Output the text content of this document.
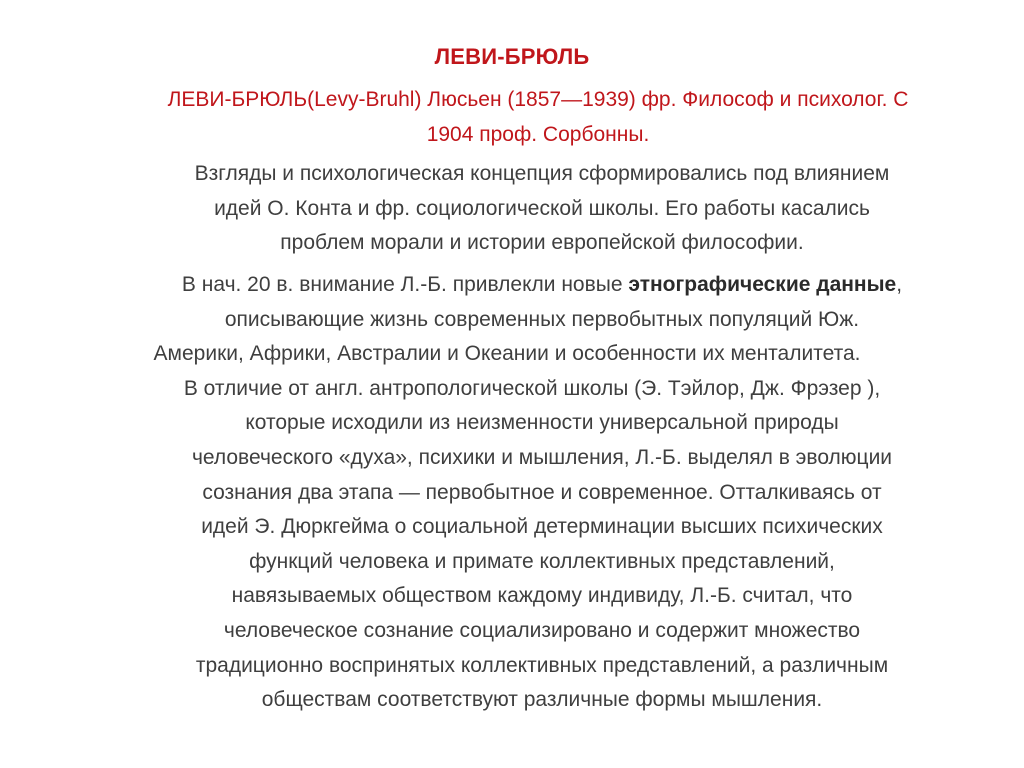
ЛЕВИ-БРЮЛЬ
ЛЕВИ-БРЮЛЬ(Levy-Bruhl) Люсьен (1857—1939) фр. Философ и психолог. С
1904 проф. Сорбонны.
Взгляды и психологическая концепция сформировались под влиянием
идей О. Конта и фр. социологической школы. Его работы касались
проблем морали и истории европейской философии.
В нач. 20 в. внимание Л.-Б. привлекли новые этнографические данные,
описывающие жизнь современных первобытных популяций Юж.
Америки, Африки, Австралии и Океании и особенности их менталитета.
В отличие от англ. антропологической школы (Э. Тэйлор, Дж. Фрэзер ),
которые исходили из неизменности универсальной природы
человеческого «духа», психики и мышления, Л.-Б. выделял в эволюции
сознания два этапа — первобытное и современное. Отталкиваясь от
идей Э. Дюркгейма о социальной детерминации высших психических
функций человека и примате коллективных представлений,
навязываемых обществом каждому индивиду, Л.-Б. считал, что
человеческое сознание социализировано и содержит множество
традиционно воспринятых коллективных представлений, а различным
обществам соответствуют различные формы мышления.
